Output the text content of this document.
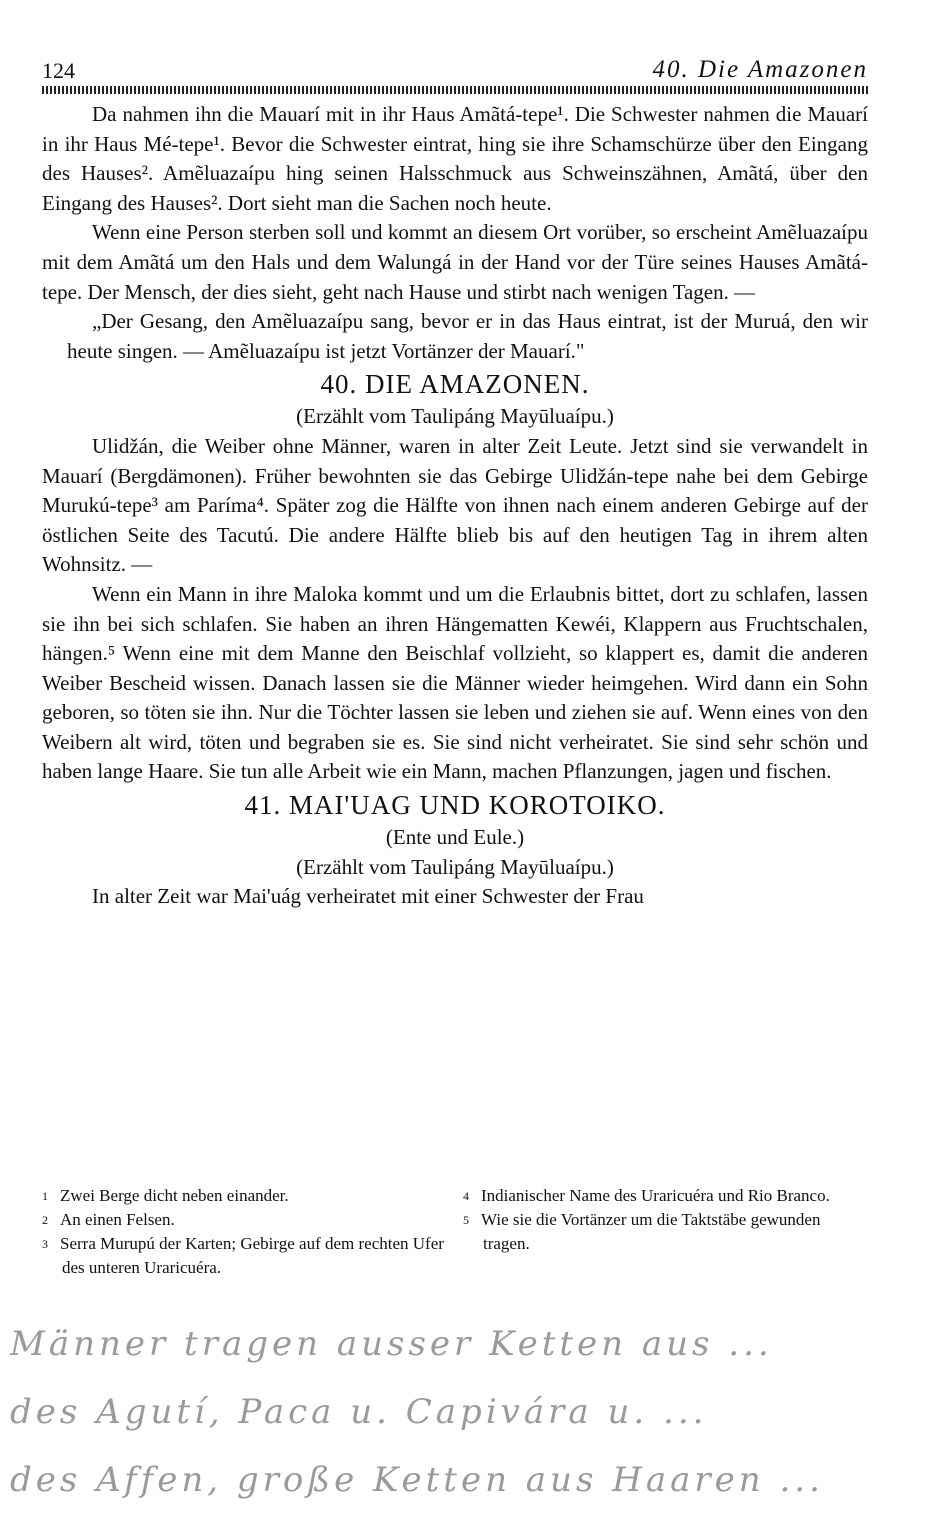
124	40. Die Amazonen

Da nahmen ihn die Mauarí mit in ihr Haus Amãtá-tepe¹. Die Schwester nahmen die Mauarí in ihr Haus Mé-tepe¹. Bevor die Schwester eintrat, hing sie ihre Schamschürze über den Eingang des Hauses². Amẽluazaípu hing seinen Halsschmuck aus Schweinszähnen, Amãtá, über den Eingang des Hauses². Dort sieht man die Sachen noch heute.

Wenn eine Person sterben soll und kommt an diesem Ort vorüber, so erscheint Amẽluazaípu mit dem Amãtá um den Hals und dem Walungá in der Hand vor der Türe seines Hauses Amãtá-tepe. Der Mensch, der dies sieht, geht nach Hause und stirbt nach wenigen Tagen. —

„Der Gesang, den Amẽluazaípu sang, bevor er in das Haus eintrat, ist der Muruá, den wir heute singen. — Amẽluazaípu ist jetzt Vortänzer der Mauarí."

40. DIE AMAZONEN.

(Erzählt vom Taulipáng Mayūluaípu.)

Ulidžán, die Weiber ohne Männer, waren in alter Zeit Leute. Jetzt sind sie verwandelt in Mauarí (Bergdämonen). Früher bewohnten sie das Gebirge Ulidžán-tepe nahe bei dem Gebirge Murukú-tepe³ am Paríma⁴. Später zog die Hälfte von ihnen nach einem anderen Gebirge auf der östlichen Seite des Tacutú. Die andere Hälfte blieb bis auf den heutigen Tag in ihrem alten Wohnsitz. —

Wenn ein Mann in ihre Maloka kommt und um die Erlaubnis bittet, dort zu schlafen, lassen sie ihn bei sich schlafen. Sie haben an ihren Hängematten Kewéi, Klappern aus Fruchtschalen, hängen.⁵ Wenn eine mit dem Manne den Beischlaf vollzieht, so klappert es, damit die anderen Weiber Bescheid wissen. Danach lassen sie die Männer wieder heimgehen. Wird dann ein Sohn geboren, so töten sie ihn. Nur die Töchter lassen sie leben und ziehen sie auf. Wenn eines von den Weibern alt wird, töten und begraben sie es. Sie sind nicht verheiratet. Sie sind sehr schön und haben lange Haare. Sie tun alle Arbeit wie ein Mann, machen Pflanzungen, jagen und fischen.

41. MAI'UAG UND KOROTOIKO.

(Ente und Eule.)

(Erzählt vom Taulipáng Mayūluaípu.)

In alter Zeit war Mai'uág verheiratet mit einer Schwester der Frau

1 Zwei Berge dicht neben einander.

2 An einen Felsen.

3 Serra Murupú der Karten; Gebirge auf dem rechten Ufer des unteren Uraricuéra.

4 Indianischer Name des Uraricuéra und Rio Branco.

5 Wie sie die Vortänzer um die Taktstäbe gewunden tragen.

Männer tragen ausser Ketten aus ...

des Agutí, Paca u. Capivára u. ...

des Affen, große Ketten aus Haaren ...
